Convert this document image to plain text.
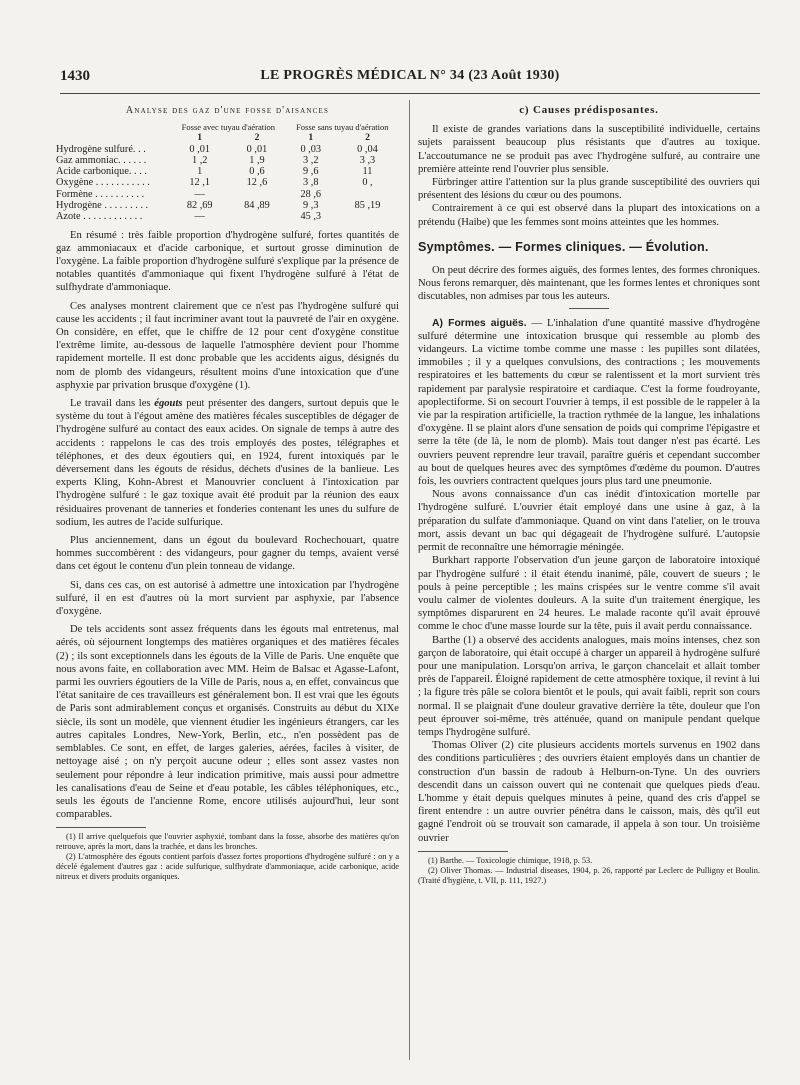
1430	LE PROGRÈS MÉDICAL N° 34 (23 Août 1930)
Analyse des gaz d'une fosse d'aisances
	Fosse avec tuyau d'aération		Fosse sans tuyau d'aération	
	1	2	1	2
Hydrogène sulfuré. . .	0 ,01	0 ,01	0 ,03	0 ,04
Gaz ammoniac. . . . . .	1 ,2	1 ,9	3 ,2	3 ,3
Acide carbonique. . . .	1	0 ,6	9 ,6	11
Oxygène . . . . . . . . . . .	12 ,1	12 ,6	3 ,8	0 ,
Formène . . . . . . . . . .	—		28 ,6	
Hydrogène . . . . . . . . .	82 ,69	84 ,89	9 ,3	85 ,19
Azote . . . . . . . . . . . .	—		45 ,3	

En résumé : très faible proportion d'hydrogène sulfuré, fortes quantités de gaz ammoniacaux et d'acide carbonique, et surtout grosse diminution de l'oxygène. La faible proportion d'hydrogène sulfuré s'explique par la présence de notables quantités d'ammoniaque qui fixent l'hydrogène sulfuré à l'état de sulfhydrate d'ammoniaque.

Ces analyses montrent clairement que ce n'est pas l'hydrogène sulfuré qui cause les accidents ; il faut incriminer avant tout la pauvreté de l'air en oxygène. On considère, en effet, que le chiffre de 12 pour cent d'oxygène constitue l'extrême limite, au-dessous de laquelle l'atmosphère devient pour l'homme rapidement mortelle. Il est donc probable que les accidents aigus, désignés du nom de plomb des vidangeurs, résultent moins d'une intoxication que d'une asphyxie par privation brusque d'oxygène (1).

Le travail dans les égouts peut présenter des dangers, surtout depuis que le système du tout à l'égout amène des matières fécales susceptibles de dégager de l'hydrogène sulfuré au contact des eaux acides. On signale de temps à autre des accidents : rappelons le cas des trois employés des postes, télégraphes et téléphones, et des deux égoutiers qui, en 1924, furent intoxiqués par le déversement dans les égouts de résidus, déchets d'usines de la banlieue. Les experts Kling, Kohn-Abrest et Manouvrier concluent à l'intoxication par l'hydrogène sulfuré : le gaz toxique avait été produit par la réunion des eaux résiduaires provenant de tanneries et fonderies contenant les unes du sulfure de sodium, les autres de l'acide sulfurique.

Plus anciennement, dans un égout du boulevard Rochechouart, quatre hommes succombèrent : des vidangeurs, pour gagner du temps, avaient versé dans cet égout le contenu d'un plein tonneau de vidange.

Si, dans ces cas, on est autorisé à admettre une intoxication par l'hydrogène sulfuré, il en est d'autres où la mort survient par asphyxie, par l'absence d'oxygène.

De tels accidents sont assez fréquents dans les égouts mal entretenus, mal aérés, où séjournent longtemps des matières organiques et des matières fécales (2) ; ils sont exceptionnels dans les égouts de la Ville de Paris. Une enquête que nous avons faite, en collaboration avec MM. Heim de Balsac et Agasse-Lafont, parmi les ouvriers égoutiers de la Ville de Paris, nous a, en effet, convaincus que l'état sanitaire de ces travailleurs est généralement bon. Il est vrai que les égouts de Paris sont admirablement conçus et organisés. Construits au début du XIXe siècle, ils sont un modèle, que viennent étudier les ingénieurs étrangers, car les autres capitales Londres, New-York, Berlin, etc., n'en possèdent pas de semblables. Ce sont, en effet, de larges galeries, aérées, faciles à visiter, de nettoyage aisé ; on n'y perçoit aucune odeur ; elles sont assez vastes non seulement pour répondre à leur indication primitive, mais aussi pour admettre les canalisations d'eau de Seine et d'eau potable, les câbles téléphoniques, etc., seuls les égouts de l'ancienne Rome, encore utilisés aujourd'hui, leur sont comparables.

(1) Il arrive quelquefois que l'ouvrier asphyxié, tombant dans la fosse, absorbe des matières qu'on retrouve, après la mort, dans la trachée, et dans les bronches.

(2) L'atmosphère des égouts contient parfois d'assez fortes proportions d'hydrogène sulfuré : on y a décelé également d'autres gaz : acide sulfurique, sulfhydrate d'ammoniaque, acide carbonique, acide nitreux et divers produits organiques.

c) Causes prédisposantes.

Il existe de grandes variations dans la susceptibilité individuelle, certains sujets paraissent beaucoup plus résistants que d'autres au toxique. L'accoutumance ne se produit pas avec l'hydrogène sulfuré, au contraire une première atteinte rend l'ouvrier plus sensible.

Fürbringer attire l'attention sur la plus grande susceptibilité des ouvriers qui présentent des lésions du cœur ou des poumons.

Contrairement à ce qui est observé dans la plupart des intoxications on a prétendu (Haibe) que les femmes sont moins atteintes que les hommes.

Symptômes. — Formes cliniques. — Évolution.

On peut décrire des formes aiguës, des formes lentes, des formes chroniques. Nous ferons remarquer, dès maintenant, que les formes lentes et chroniques sont discutables, non admises par tous les auteurs.

A) Formes aiguës. — L'inhalation d'une quantité massive d'hydrogène sulfuré détermine une intoxication brusque qui ressemble au plomb des vidangeurs. La victime tombe comme une masse : les pupilles sont dilatées, immobiles ; il y a quelques convulsions, des contractions ; les mouvements respiratoires et les battements du cœur se ralentissent et la mort survient très rapidement par paralysie respiratoire et cardiaque. C'est la forme foudroyante, apoplectiforme. Si on secourt l'ouvrier à temps, il est possible de le rappeler à la vie par la respiration artificielle, la traction rythmée de la langue, les inhalations d'oxygène. Il se plaint alors d'une sensation de poids qui comprime l'épigastre et serre la tête (de là, le nom de plomb). Mais tout danger n'est pas écarté. Les ouvriers peuvent reprendre leur travail, paraître guéris et cependant succomber au bout de quelques heures avec des symptômes d'œdème du poumon. D'autres fois, les ouvriers contractent quelques jours plus tard une pneumonie.

Nous avons connaissance d'un cas inédit d'intoxication mortelle par l'hydrogène sulfuré. L'ouvrier était employé dans une usine à gaz, à la préparation du sulfate d'ammoniaque. Quand on vint dans l'atelier, on le trouva mort, assis devant un bac qui dégageait de l'hydrogène sulfuré. L'autopsie permit de reconnaître une hémorragie méningée.

Burkhart rapporte l'observation d'un jeune garçon de laboratoire intoxiqué par l'hydrogène sulfuré : il était étendu inanimé, pâle, couvert de sueurs ; le pouls à peine perceptible ; les mains crispées sur le ventre comme s'il avait voulu calmer de violentes douleurs. A la suite d'un traitement énergique, les symptômes disparurent en 24 heures. Le malade raconte qu'il avait éprouvé comme le choc d'une masse lourde sur la tête, puis il avait perdu connaissance.

Barthe (1) a observé des accidents analogues, mais moins intenses, chez son garçon de laboratoire, qui était occupé à charger un appareil à hydrogène sulfuré pour une manipulation. Lorsqu'on arriva, le garçon chancelait et allait tomber près de l'appareil. Éloigné rapidement de cette atmosphère toxique, il revint à lui ; la figure très pâle se colora bientôt et le pouls, qui avait faibli, reprit son cours normal. Il se plaignait d'une douleur gravative derrière la tête, douleur que l'on peut éprouver soi-même, très atténuée, quand on manipule pendant quelque temps l'hydrogène sulfuré.

Thomas Oliver (2) cite plusieurs accidents mortels survenus en 1902 dans des conditions particulières ; des ouvriers étaient employés dans un chantier de construction d'un bassin de radoub à Helburn-on-Tyne. Un des ouvriers descendit dans un caisson ouvert qui ne contenait que quelques pieds d'eau. L'homme y était depuis quelques minutes à peine, quand des cris d'appel se firent entendre : un autre ouvrier pénétra dans le caisson, mais, dès qu'il eut gagné l'endroit où se trouvait son camarade, il appela à son tour. Un troisième ouvrier

(1) Barthe. — Toxicologie chimique, 1918, p. 53.

(2) Oliver Thomas. — Industrial diseases, 1904, p. 26, rapporté par Leclerc de Pulligny et Boulin. (Traité d'hygiène, t. VII, p. 111, 1927.)
